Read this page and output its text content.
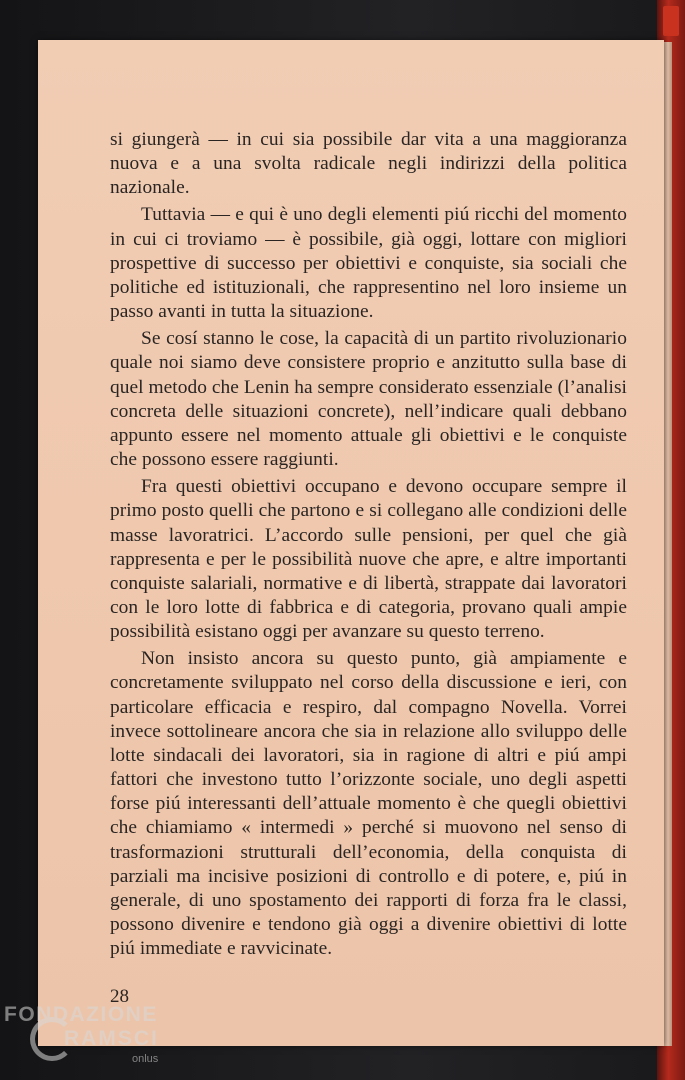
si giungerà — in cui sia possibile dar vita a una maggioranza nuova e a una svolta radicale negli indirizzi della politica nazionale.

Tuttavia — e qui è uno degli elementi piú ricchi del momento in cui ci troviamo — è possibile, già oggi, lottare con migliori prospettive di successo per obiettivi e conquiste, sia sociali che politiche ed istituzionali, che rappresentino nel loro insieme un passo avanti in tutta la situazione.

Se cosí stanno le cose, la capacità di un partito rivoluzionario quale noi siamo deve consistere proprio e anzitutto sulla base di quel metodo che Lenin ha sempre considerato essenziale (l’analisi concreta delle situazioni concrete), nell’indicare quali debbano appunto essere nel momento attuale gli obiettivi e le conquiste che possono essere raggiunti.

Fra questi obiettivi occupano e devono occupare sempre il primo posto quelli che partono e si collegano alle condizioni delle masse lavoratrici. L’accordo sulle pensioni, per quel che già rappresenta e per le possibilità nuove che apre, e altre importanti conquiste salariali, normative e di libertà, strappate dai lavoratori con le loro lotte di fabbrica e di categoria, provano quali ampie possibilità esistano oggi per avanzare su questo terreno.

Non insisto ancora su questo punto, già ampiamente e concretamente sviluppato nel corso della discussione e ieri, con particolare efficacia e respiro, dal compagno Novella. Vorrei invece sottolineare ancora che sia in relazione allo sviluppo delle lotte sindacali dei lavoratori, sia in ragione di altri e piú ampi fattori che investono tutto l’orizzonte sociale, uno degli aspetti forse piú interessanti dell’attuale momento è che quegli obiettivi che chiamiamo « intermedi » perché si muovono nel senso di trasformazioni strutturali dell’economia, della conquista di parziali ma incisive posizioni di controllo e di potere, e, piú in generale, di uno spostamento dei rapporti di forza fra le classi, possono divenire e tendono già oggi a divenire obiettivi di lotte piú immediate e ravvicinate.

28
FONDAZIONE
RAMSCI
onlus
